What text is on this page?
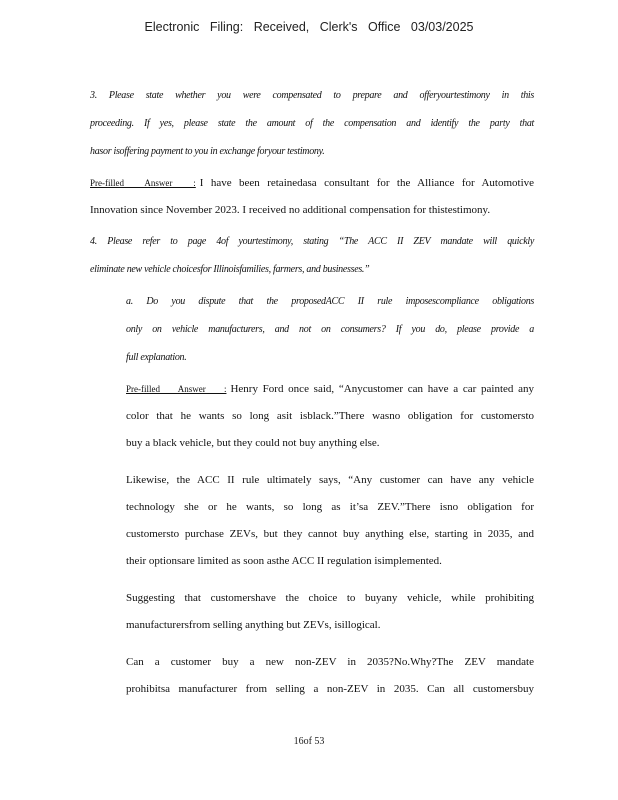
Electronic Filing: Received, Clerk's Office 03/03/2025

3. Please state whether you were compensated to prepare and offeryourtestimony in this

proceeding. If yes, please state the amount of the compensation and identify the party that

hasor isoffering payment to you in exchange foryour testimony.

Pre-filled Answer : I have been retainedasa consultant for the Alliance for Automotive

Innovation since November 2023. I received no additional compensation for thistestimony.

4. Please refer to page 4of yourtestimony, stating “The ACC II ZEV mandate will quickly

eliminate new vehicle choicesfor Illinoisfamilies, farmers, and businesses.”

a. Do you dispute that the proposedACC II rule imposescompliance obligations

only on vehicle manufacturers, and not on consumers? If you do, please provide a

full explanation.

Pre-filled Answer : Henry Ford once said, “Anycustomer can have a car painted any

color that he wants so long asit isblack.”There wasno obligation for customersto

buy a black vehicle, but they could not buy anything else.

Likewise, the ACC II rule ultimately says, “Any customer can have any vehicle

technology she or he wants, so long as it’sa ZEV.”There isno obligation for

customersto purchase ZEVs, but they cannot buy anything else, starting in 2035, and

their optionsare limited as soon asthe ACC II regulation isimplemented.

Suggesting that customershave the choice to buyany vehicle, while prohibiting

manufacturersfrom selling anything but ZEVs, isillogical.

Can a customer buy a new non-ZEV in 2035?No.Why?The ZEV mandate

prohibitsa manufacturer from selling a non-ZEV in 2035. Can all customersbuy

16of 53
